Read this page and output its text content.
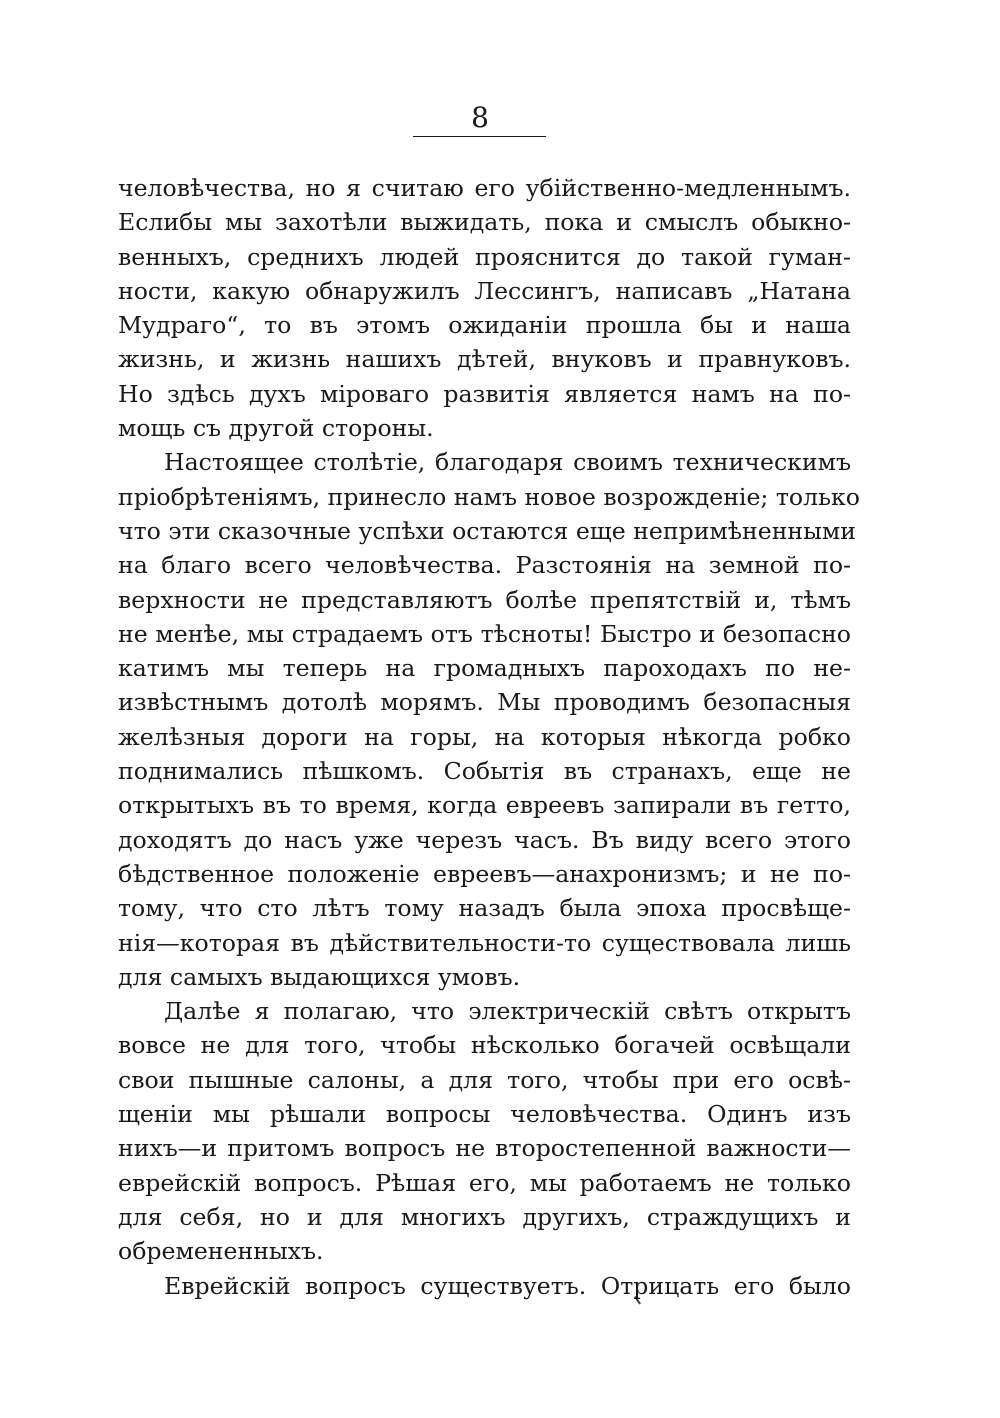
8
человѣчества, но я считаю его убійственно-медленнымъ.
Еслибы мы захотѣли выжидать, пока и смыслъ обыкно-
венныхъ, среднихъ людей прояснится до такой гуман-
ности, какую обнаружилъ Лессингъ, написавъ „Натана
Мудраго“, то въ этомъ ожиданіи прошла бы и наша
жизнь, и жизнь нашихъ дѣтей, внуковъ и правнуковъ.
Но здѣсь духъ міроваго развитія является намъ на по-
мощь съ другой стороны.
Настоящее столѣтіе, благодаря своимъ техническимъ
пріобрѣтеніямъ, принесло намъ новое возрожденіе; только
что эти сказочные успѣхи остаются еще непримѣненными
на благо всего человѣчества. Разстоянія на земной по-
верхности не представляютъ болѣе препятствій и, тѣмъ
не менѣе, мы страдаемъ отъ тѣсноты! Быстро и безопасно
катимъ мы теперь на громадныхъ пароходахъ по не-
извѣстнымъ дотолѣ морямъ. Мы проводимъ безопасныя
желѣзныя дороги на горы, на которыя нѣкогда робко
поднимались пѣшкомъ. Событія въ странахъ, еще не
открытыхъ въ то время, когда евреевъ запирали въ гетто,
доходятъ до насъ уже черезъ часъ. Въ виду всего этого
бѣдственное положеніе евреевъ—анахронизмъ; и не по-
тому, что сто лѣтъ тому назадъ была эпоха просвѣще-
нія—которая въ дѣйствительности-то существовала лишь
для самыхъ выдающихся умовъ.
Далѣе я полагаю, что электрическій свѣтъ открытъ
вовсе не для того, чтобы нѣсколько богачей освѣщали
свои пышные салоны, а для того, чтобы при его освѣ-
щеніи мы рѣшали вопросы человѣчества. Одинъ изъ
нихъ—и притомъ вопросъ не второстепенной важности—
еврейскій вопросъ. Рѣшая его, мы работаемъ не только
для себя, но и для многихъ другихъ, страждущихъ и
обремененныхъ.
Еврейскій вопросъ существуетъ. Отрицать его было
